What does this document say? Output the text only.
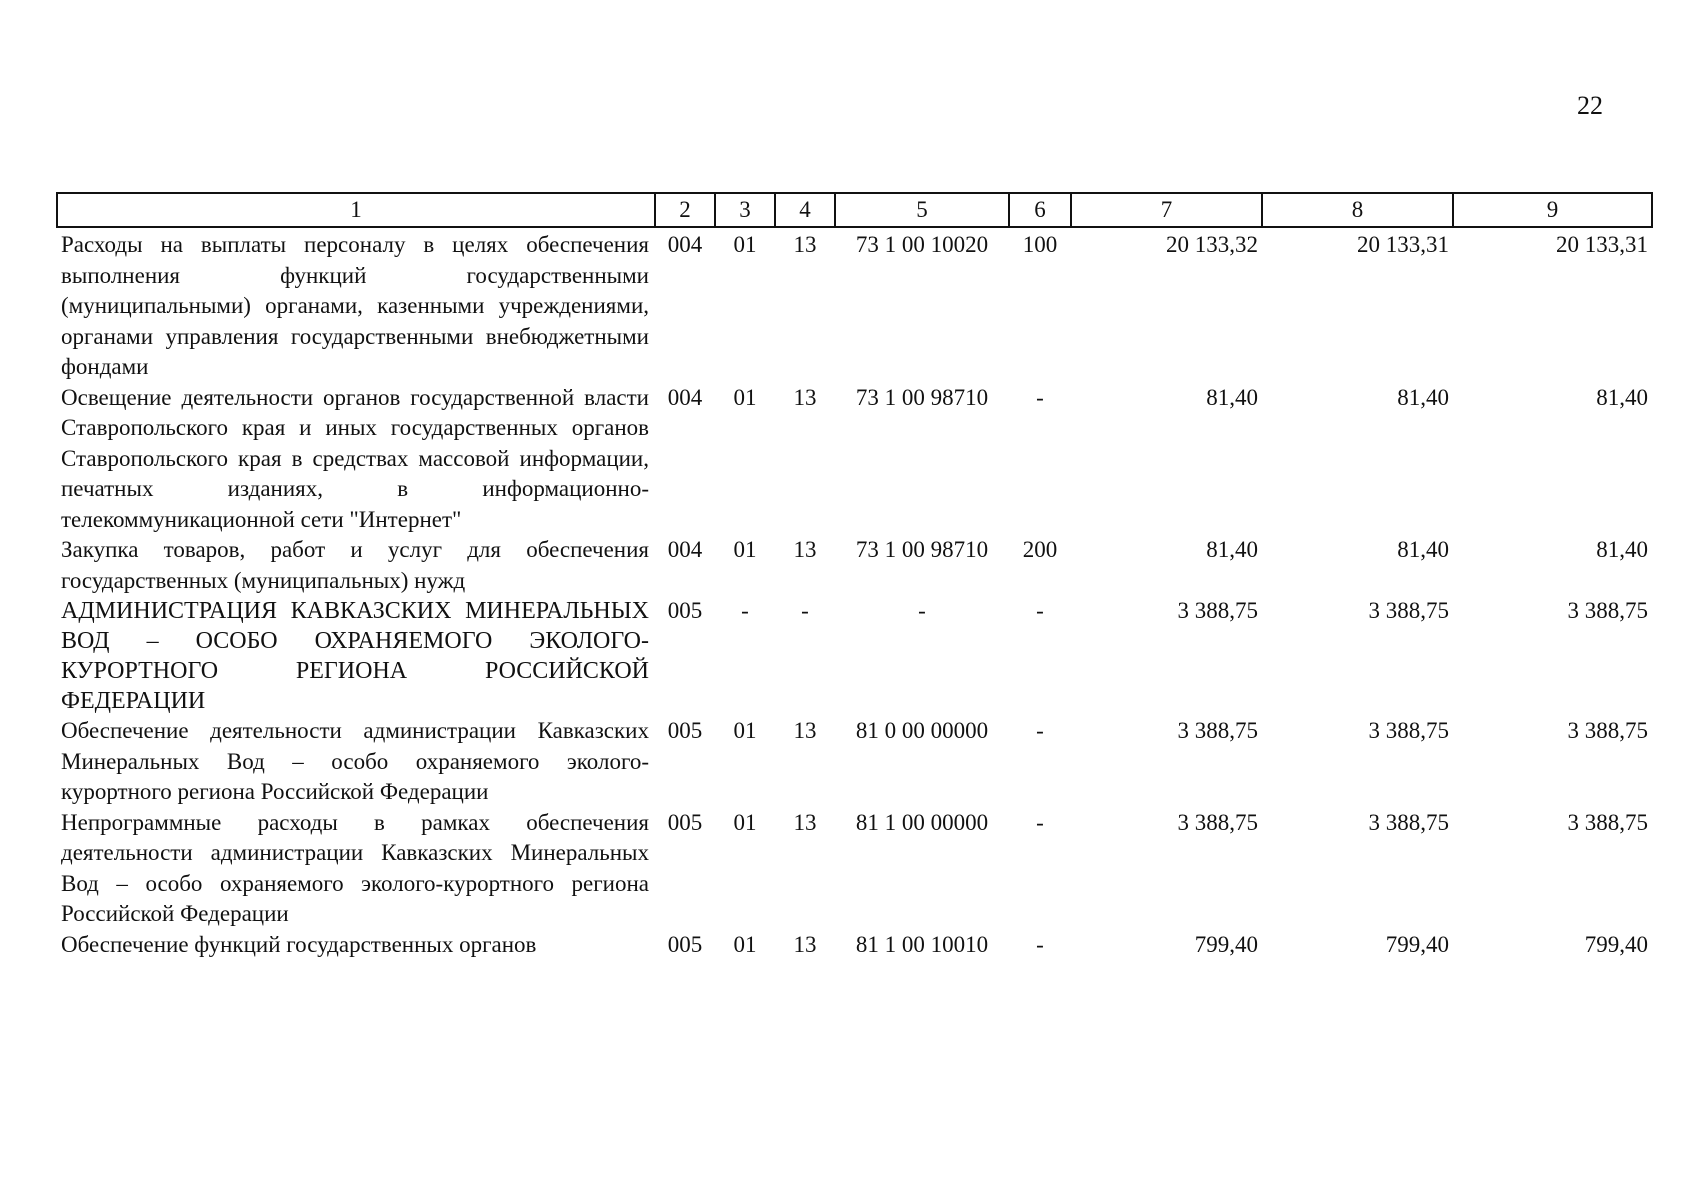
22
1	2	3	4	5	6	7	8	9
Расходы на выплаты персоналу в целях обеспечения выполнения функций государственными (муниципальными) органами, казенными учреждениями, органами управления государственными внебюджетными фондами	004	01	13	73 1 00 10020	100	20 133,32	20 133,31	20 133,31
Освещение деятельности органов государственной власти Ставропольского края и иных государственных органов Ставропольского края в средствах массовой информации, печатных изданиях, в информационно-телекоммуникационной сети "Интернет"	004	01	13	73 1 00 98710	-	81,40	81,40	81,40
Закупка товаров, работ и услуг для обеспечения государственных (муниципальных) нужд	004	01	13	73 1 00 98710	200	81,40	81,40	81,40
АДМИНИСТРАЦИЯ КАВКАЗСКИХ МИНЕРАЛЬНЫХ ВОД – ОСОБО ОХРАНЯЕМОГО ЭКОЛОГО-КУРОРТНОГО РЕГИОНА РОССИЙСКОЙ ФЕДЕРАЦИИ	005	-	-	-	-	3 388,75	3 388,75	3 388,75
Обеспечение деятельности администрации Кавказских Минеральных Вод – особо охраняемого эколого-курортного региона Российской Федерации	005	01	13	81 0 00 00000	-	3 388,75	3 388,75	3 388,75
Непрограммные расходы в рамках обеспечения деятельности администрации Кавказских Минеральных Вод – особо охраняемого эколого-курортного региона Российской Федерации	005	01	13	81 1 00 00000	-	3 388,75	3 388,75	3 388,75
Обеспечение функций государственных органов	005	01	13	81 1 00 10010	-	799,40	799,40	799,40
